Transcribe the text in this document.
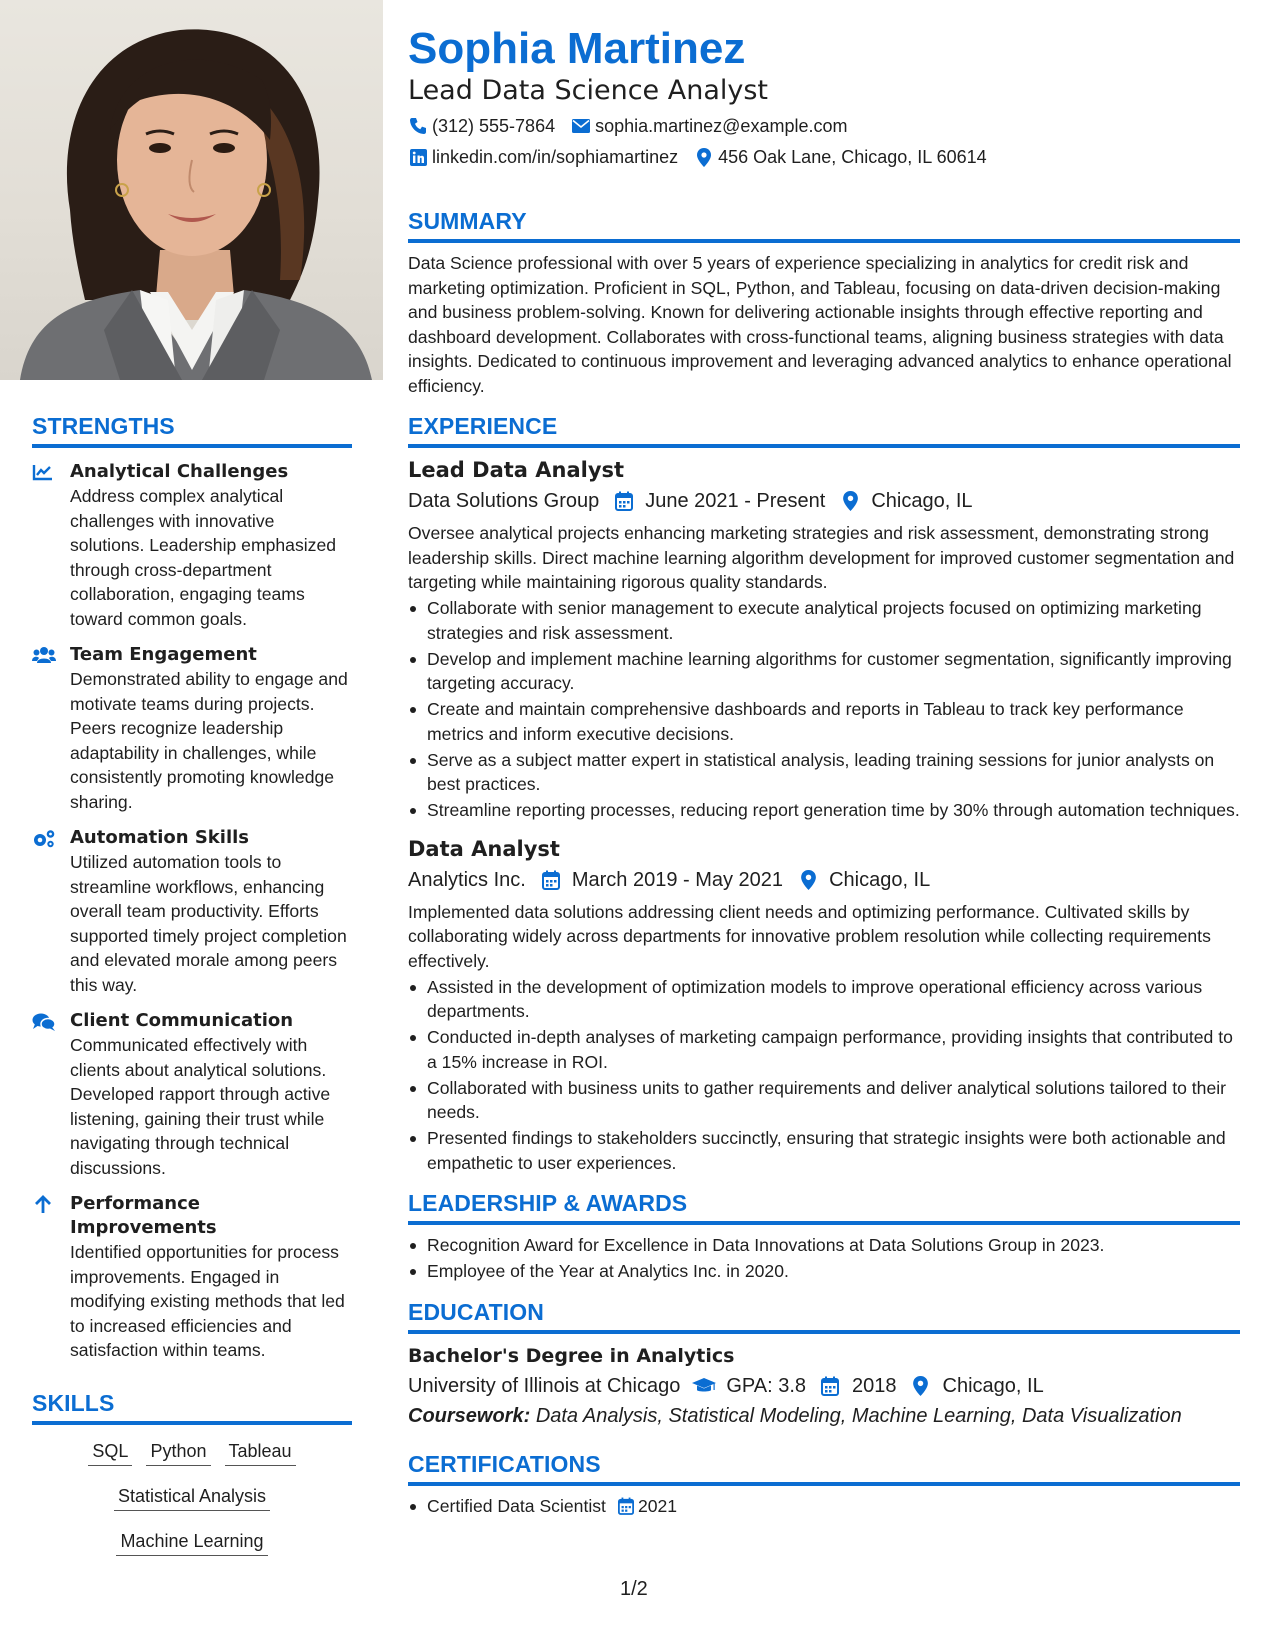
STRENGTHS
Analytical Challenges
Address complex analytical challenges with innovative solutions. Leadership emphasized through cross-department collaboration, engaging teams toward common goals.
Team Engagement
Demonstrated ability to engage and motivate teams during projects. Peers recognize leadership adaptability in challenges, while consistently promoting knowledge sharing.
Automation Skills
Utilized automation tools to streamline workflows, enhancing overall team productivity. Efforts supported timely project completion and elevated morale among peers this way.
Client Communication
Communicated effectively with clients about analytical solutions. Developed rapport through active listening, gaining their trust while navigating through technical discussions.
Performance Improvements
Identified opportunities for process improvements. Engaged in modifying existing methods that led to increased efficiencies and satisfaction within teams.
SKILLS
SQL Python Tableau
Statistical Analysis
Machine Learning
Sophia Martinez
Lead Data Science Analyst
(312) 555-7864 sophia.martinez@example.com
linkedin.com/in/sophiamartinez 456 Oak Lane, Chicago, IL 60614
SUMMARY
Data Science professional with over 5 years of experience specializing in analytics for credit risk and marketing optimization. Proficient in SQL, Python, and Tableau, focusing on data-driven decision-making and business problem-solving. Known for delivering actionable insights through effective reporting and dashboard development. Collaborates with cross-functional teams, aligning business strategies with data insights. Dedicated to continuous improvement and leveraging advanced analytics to enhance operational efficiency.
EXPERIENCE
Lead Data Analyst
Data Solutions Group June 2021 - Present Chicago, IL
Oversee analytical projects enhancing marketing strategies and risk assessment, demonstrating strong leadership skills. Direct machine learning algorithm development for improved customer segmentation and targeting while maintaining rigorous quality standards.
Collaborate with senior management to execute analytical projects focused on optimizing marketing strategies and risk assessment.
Develop and implement machine learning algorithms for customer segmentation, significantly improving targeting accuracy.
Create and maintain comprehensive dashboards and reports in Tableau to track key performance metrics and inform executive decisions.
Serve as a subject matter expert in statistical analysis, leading training sessions for junior analysts on best practices.
Streamline reporting processes, reducing report generation time by 30% through automation techniques.
Data Analyst
Analytics Inc. March 2019 - May 2021 Chicago, IL
Implemented data solutions addressing client needs and optimizing performance. Cultivated skills by collaborating widely across departments for innovative problem resolution while collecting requirements effectively.
Assisted in the development of optimization models to improve operational efficiency across various departments.
Conducted in-depth analyses of marketing campaign performance, providing insights that contributed to a 15% increase in ROI.
Collaborated with business units to gather requirements and deliver analytical solutions tailored to their needs.
Presented findings to stakeholders succinctly, ensuring that strategic insights were both actionable and empathetic to user experiences.
LEADERSHIP & AWARDS
Recognition Award for Excellence in Data Innovations at Data Solutions Group in 2023.
Employee of the Year at Analytics Inc. in 2020.
EDUCATION
Bachelor's Degree in Analytics
University of Illinois at Chicago GPA: 3.8 2018 Chicago, IL
Coursework: Data Analysis, Statistical Modeling, Machine Learning, Data Visualization
CERTIFICATIONS
Certified Data Scientist 2021
1/2
